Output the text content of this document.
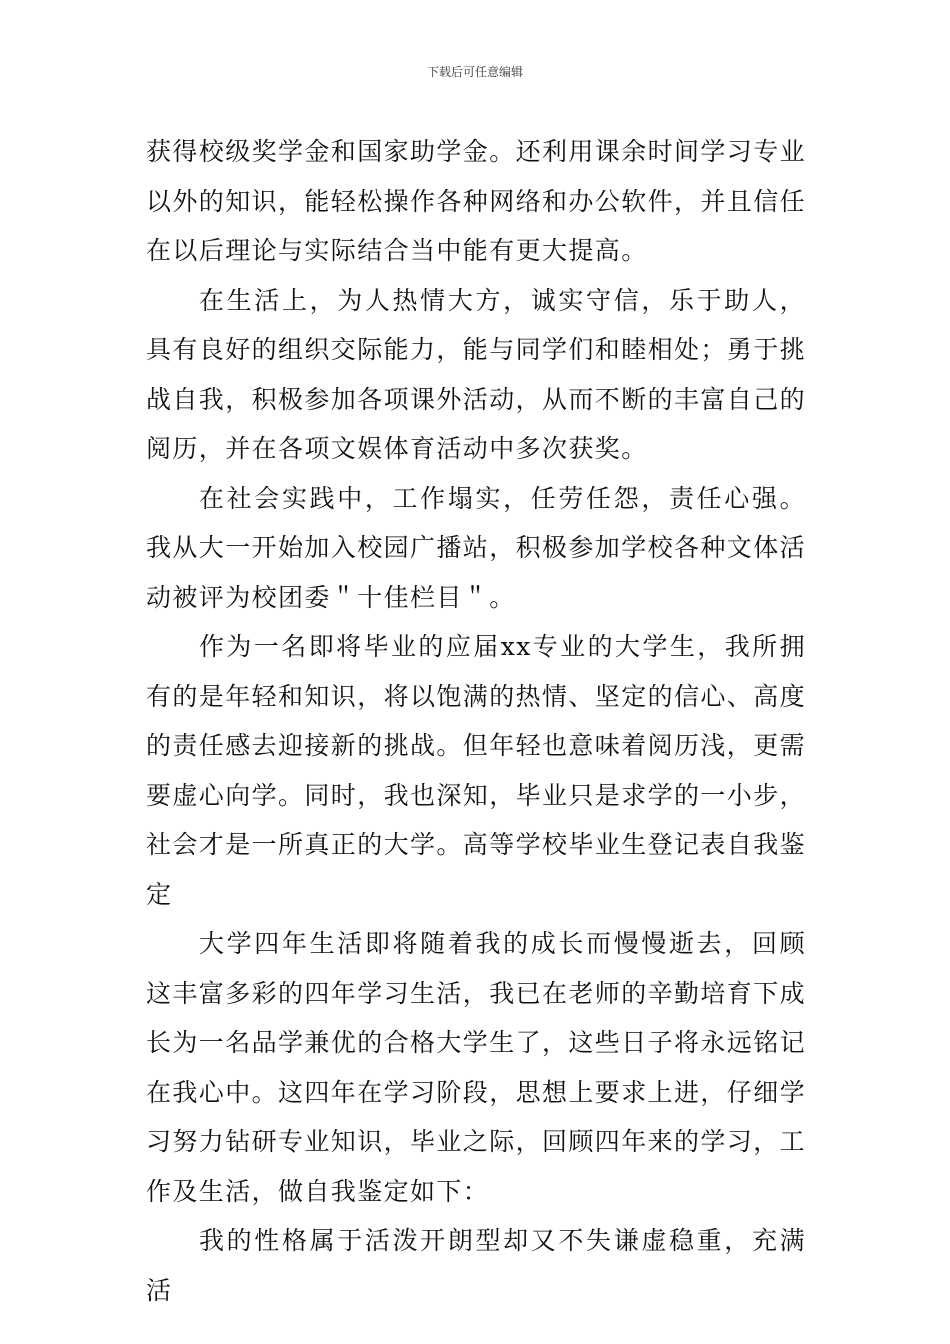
下载后可任意编辑

获得校级奖学金和国家助学金。还利用课余时间学习专业以外的知识，能轻松操作各种网络和办公软件，并且信任在以后理论与实际结合当中能有更大提高。

在生活上，为人热情大方，诚实守信，乐于助人，具有良好的组织交际能力，能与同学们和睦相处；勇于挑战自我，积极参加各项课外活动，从而不断的丰富自己的阅历，并在各项文娱体育活动中多次获奖。

在社会实践中，工作塌实，任劳任怨，责任心强。我从大一开始加入校园广播站，积极参加学校各种文体活动被评为校团委＂十佳栏目＂。

作为一名即将毕业的应届xx专业的大学生，我所拥有的是年轻和知识，将以饱满的热情、坚定的信心、高度的责任感去迎接新的挑战。但年轻也意味着阅历浅，更需要虚心向学。同时，我也深知，毕业只是求学的一小步，社会才是一所真正的大学。高等学校毕业生登记表自我鉴定

大学四年生活即将随着我的成长而慢慢逝去，回顾这丰富多彩的四年学习生活，我已在老师的辛勤培育下成长为一名品学兼优的合格大学生了，这些日子将永远铭记在我心中。这四年在学习阶段，思想上要求上进，仔细学习努力钻研专业知识，毕业之际，回顾四年来的学习，工作及生活，做自我鉴定如下：

我的性格属于活泼开朗型却又不失谦虚稳重，充满活
